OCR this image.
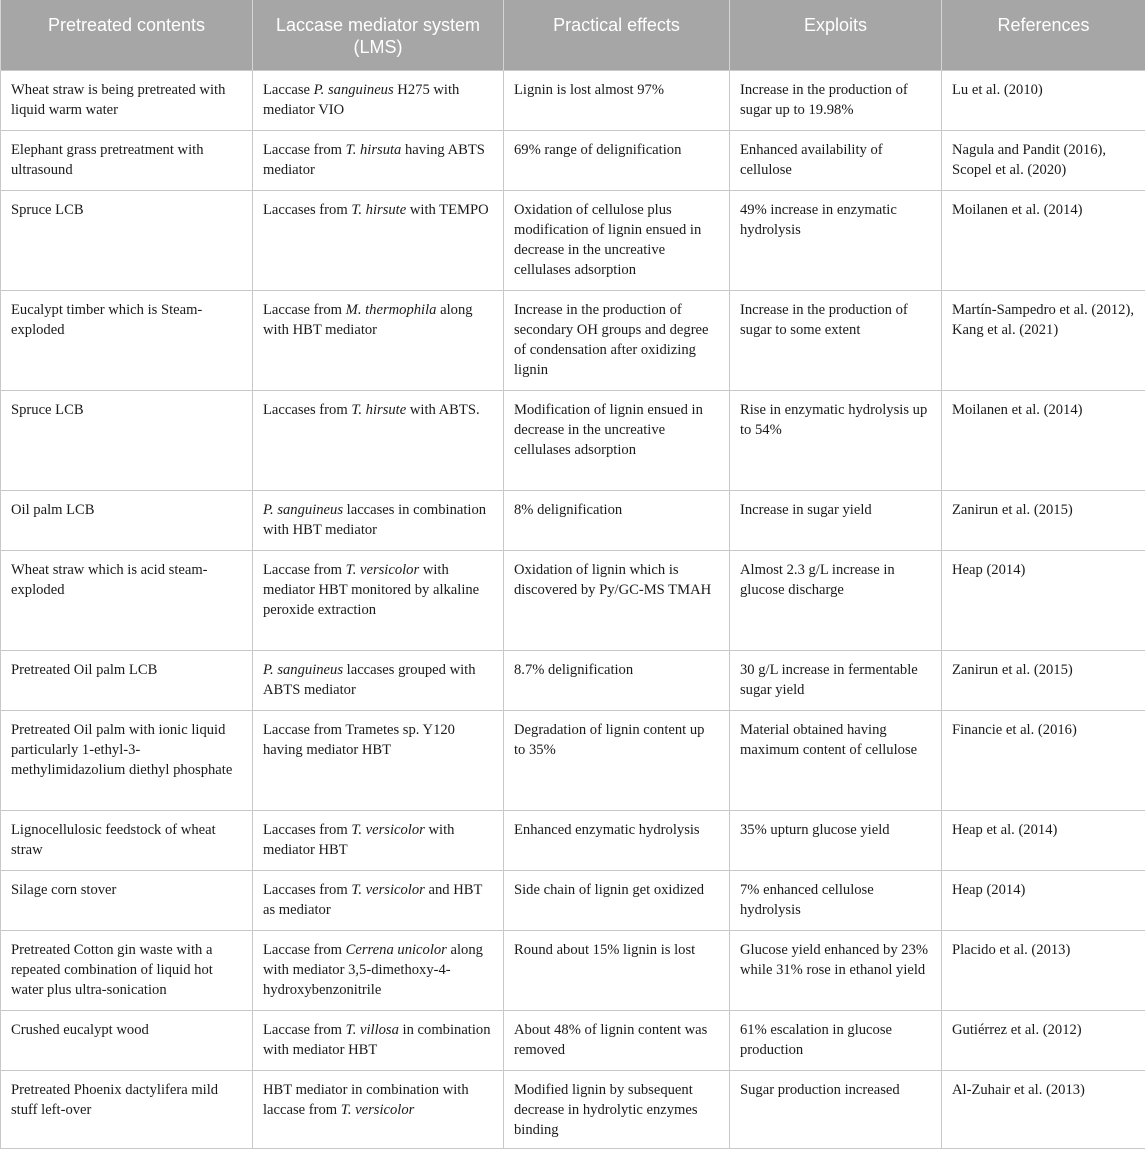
Pretreated contents	Laccase mediator system (LMS)	Practical effects	Exploits	References
Wheat straw is being pretreated with liquid warm water	Laccase P. sanguineus H275 with mediator VIO	Lignin is lost almost 97%	Increase in the production of sugar up to 19.98%	Lu et al. (2010)
Elephant grass pretreatment with ultrasound	Laccase from T. hirsuta having ABTS mediator	69% range of delignification	Enhanced availability of cellulose	Nagula and Pandit (2016), Scopel et al. (2020)
Spruce LCB	Laccases from T. hirsute with TEMPO	Oxidation of cellulose plus modification of lignin ensued in decrease in the uncreative cellulases adsorption	49% increase in enzymatic hydrolysis	Moilanen et al. (2014)
Eucalypt timber which is Steam-exploded	Laccase from M. thermophila along with HBT mediator	Increase in the production of secondary OH groups and degree of condensation after oxidizing lignin	Increase in the production of sugar to some extent	Martín-Sampedro et al. (2012), Kang et al. (2021)
Spruce LCB	Laccases from T. hirsute with ABTS.	Modification of lignin ensued in decrease in the uncreative cellulases adsorption	Rise in enzymatic hydrolysis up to 54%	Moilanen et al. (2014)
Oil palm LCB	P. sanguineus laccases in combination with HBT mediator	8% delignification	Increase in sugar yield	Zanirun et al. (2015)
Wheat straw which is acid steam-exploded	Laccase from T. versicolor with mediator HBT monitored by alkaline peroxide extraction	Oxidation of lignin which is discovered by Py/GC-MS TMAH	Almost 2.3 g/L increase in glucose discharge	Heap (2014)
Pretreated Oil palm LCB	P. sanguineus laccases grouped with ABTS mediator	8.7% delignification	30 g/L increase in fermentable sugar yield	Zanirun et al. (2015)
Pretreated Oil palm with ionic liquid particularly 1-ethyl-3-methylimidazolium diethyl phosphate	Laccase from Trametes sp. Y120 having mediator HBT	Degradation of lignin content up to 35%	Material obtained having maximum content of cellulose	Financie et al. (2016)
Lignocellulosic feedstock of wheat straw	Laccases from T. versicolor with mediator HBT	Enhanced enzymatic hydrolysis	35% upturn glucose yield	Heap et al. (2014)
Silage corn stover	Laccases from T. versicolor and HBT as mediator	Side chain of lignin get oxidized	7% enhanced cellulose hydrolysis	Heap (2014)
Pretreated Cotton gin waste with a repeated combination of liquid hot water plus ultra-sonication	Laccase from Cerrena unicolor along with mediator 3,5-dimethoxy-4-hydroxybenzonitrile	Round about 15% lignin is lost	Glucose yield enhanced by 23% while 31% rose in ethanol yield	Placido et al. (2013)
Crushed eucalypt wood	Laccase from T. villosa in combination with mediator HBT	About 48% of lignin content was removed	61% escalation in glucose production	Gutiérrez et al. (2012)
Pretreated Phoenix dactylifera mild stuff left-over	HBT mediator in combination with laccase from T. versicolor	Modified lignin by subsequent decrease in hydrolytic enzymes binding	Sugar production increased	Al-Zuhair et al. (2013)
